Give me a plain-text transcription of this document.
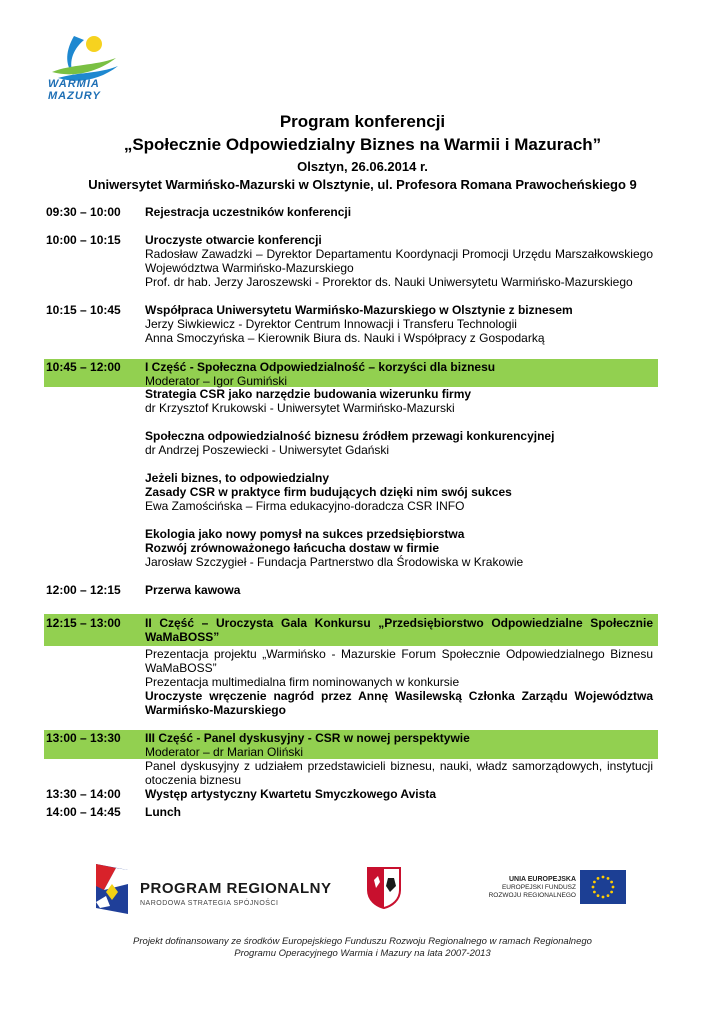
WARMIA
MAZURY
Program konferencji
„Społecznie Odpowiedzialny Biznes na Warmii i Mazurach”
Olsztyn, 26.06.2014 r.
Uniwersytet Warmińsko-Mazurski w Olsztynie, ul. Profesora Romana Prawocheńskiego 9
09:30 – 10:00 Rejestracja uczestników konferencji
10:00 – 10:15 Uroczyste otwarcie konferencji
Radosław Zawadzki – Dyrektor Departamentu Koordynacji Promocji Urzędu Marszałkowskiego Województwa Warmińsko-Mazurskiego
Prof. dr hab. Jerzy Jaroszewski - Prorektor ds. Nauki Uniwersytetu Warmińsko-Mazurskiego
10:15 – 10:45 Współpraca Uniwersytetu Warmińsko-Mazurskiego w Olsztynie z biznesem
Jerzy Siwkiewicz - Dyrektor Centrum Innowacji i Transferu Technologii
Anna Smoczyńska – Kierownik Biura ds. Nauki i Współpracy z Gospodarką
10:45 – 12:00 I Część - Społeczna Odpowiedzialność – korzyści dla biznesu
Moderator – Igor Gumiński
Strategia CSR jako narzędzie budowania wizerunku firmy
dr Krzysztof Krukowski - Uniwersytet Warmińsko-Mazurski

Społeczna odpowiedzialność biznesu źródłem przewagi konkurencyjnej
dr Andrzej Poszewiecki - Uniwersytet Gdański

Jeżeli biznes, to odpowiedzialny
Zasady CSR w praktyce firm budujących dzięki nim swój sukces
Ewa Zamościńska – Firma edukacyjno-doradcza CSR INFO

Ekologia jako nowy pomysł na sukces przedsiębiorstwa
Rozwój zrównoważonego łańcucha dostaw w firmie
Jarosław Szczygieł - Fundacja Partnerstwo dla Środowiska w Krakowie
12:00 – 12:15 Przerwa kawowa
12:15 – 13:00 II Część – Uroczysta Gala Konkursu „Przedsiębiorstwo Odpowiedzialne Społecznie WaMaBOSS”
Prezentacja projektu „Warmińsko - Mazurskie Forum Społecznie Odpowiedzialnego Biznesu WaMaBOSS”
Prezentacja multimedialna firm nominowanych w konkursie
Uroczyste wręczenie nagród przez Annę Wasilewską Członka Zarządu Województwa Warmińsko-Mazurskiego
13:00 – 13:30 III Część - Panel dyskusyjny - CSR w nowej perspektywie
Moderator – dr Marian Oliński
Panel dyskusyjny z udziałem przedstawicieli biznesu, nauki, władz samorządowych, instytucji otoczenia biznesu
13:30 – 14:00 Występ artystyczny Kwartetu Smyczkowego Avista
14:00 – 14:45 Lunch
PROGRAM REGIONALNY
NARODOWA STRATEGIA SPÓJNOŚCI
UNIA EUROPEJSKA
EUROPEJSKI FUNDUSZ
ROZWOJU REGIONALNEGO
Projekt dofinansowany ze środków Europejskiego Funduszu Rozwoju Regionalnego w ramach Regionalnego
Programu Operacyjnego Warmia i Mazury na lata 2007-2013
